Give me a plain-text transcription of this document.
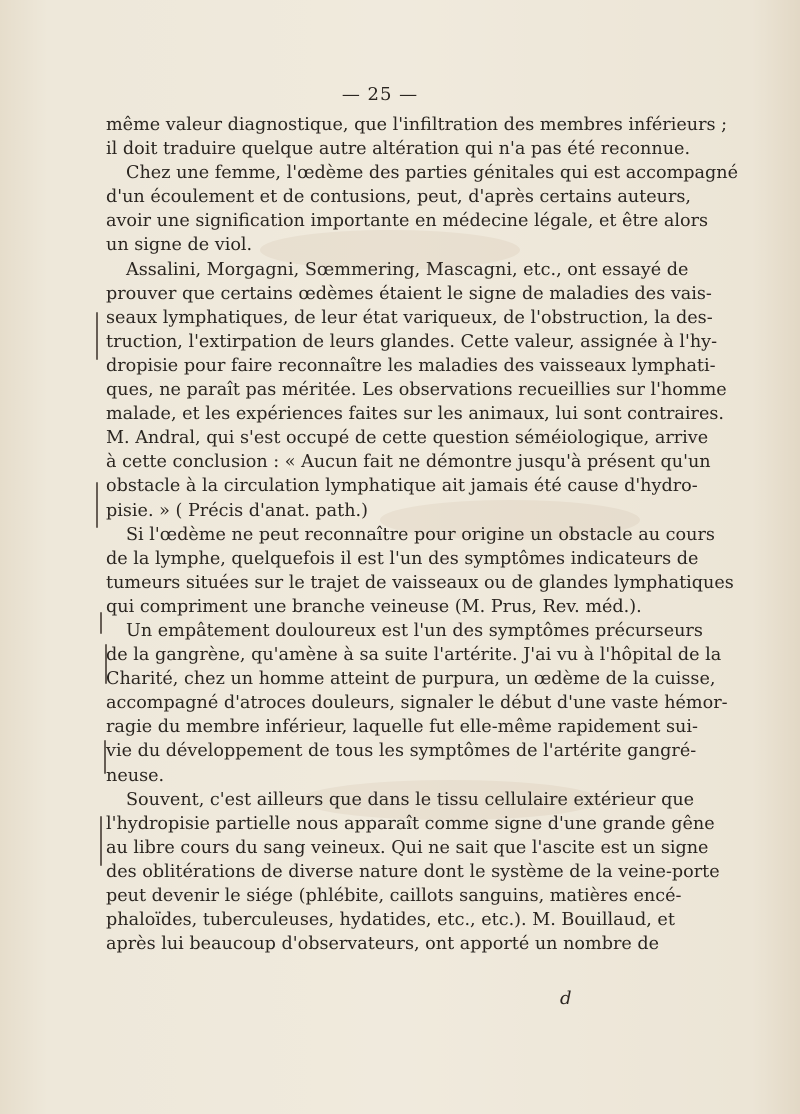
— 25 —
même valeur diagnostique, que l'infiltration des membres inférieurs ;
il doit traduire quelque autre altération qui n'a pas été reconnue.
Chez une femme, l'œdème des parties génitales qui est accompagné
d'un écoulement et de contusions, peut, d'après certains auteurs,
avoir une signification importante en médecine légale, et être alors
un signe de viol.
Assalini, Morgagni, Sœmmering, Mascagni, etc., ont essayé de
prouver que certains œdèmes étaient le signe de maladies des vais-
seaux lymphatiques, de leur état variqueux, de l'obstruction, la des-
truction, l'extirpation de leurs glandes. Cette valeur, assignée à l'hy-
dropisie pour faire reconnaître les maladies des vaisseaux lymphati-
ques, ne paraît pas méritée. Les observations recueillies sur l'homme
malade, et les expériences faites sur les animaux, lui sont contraires.
M. Andral, qui s'est occupé de cette question séméiologique, arrive
à cette conclusion : « Aucun fait ne démontre jusqu'à présent qu'un
obstacle à la circulation lymphatique ait jamais été cause d'hydro-
pisie. » ( Précis d'anat. path.)
Si l'œdème ne peut reconnaître pour origine un obstacle au cours
de la lymphe, quelquefois il est l'un des symptômes indicateurs de
tumeurs situées sur le trajet de vaisseaux ou de glandes lymphatiques
qui compriment une branche veineuse (M. Prus, Rev. méd.).
Un empâtement douloureux est l'un des symptômes précurseurs
de la gangrène, qu'amène à sa suite l'artérite. J'ai vu à l'hôpital de la
Charité, chez un homme atteint de purpura, un œdème de la cuisse,
accompagné d'atroces douleurs, signaler le début d'une vaste hémor-
ragie du membre inférieur, laquelle fut elle-même rapidement sui-
vie du développement de tous les symptômes de l'artérite gangré-
neuse.
Souvent, c'est ailleurs que dans le tissu cellulaire extérieur que
l'hydropisie partielle nous apparaît comme signe d'une grande gêne
au libre cours du sang veineux. Qui ne sait que l'ascite est un signe
des oblitérations de diverse nature dont le système de la veine-porte
peut devenir le siége (phlébite, caillots sanguins, matières encé-
phaloïdes, tuberculeuses, hydatides, etc., etc.). M. Bouillaud, et
après lui beaucoup d'observateurs, ont apporté un nombre de
d
